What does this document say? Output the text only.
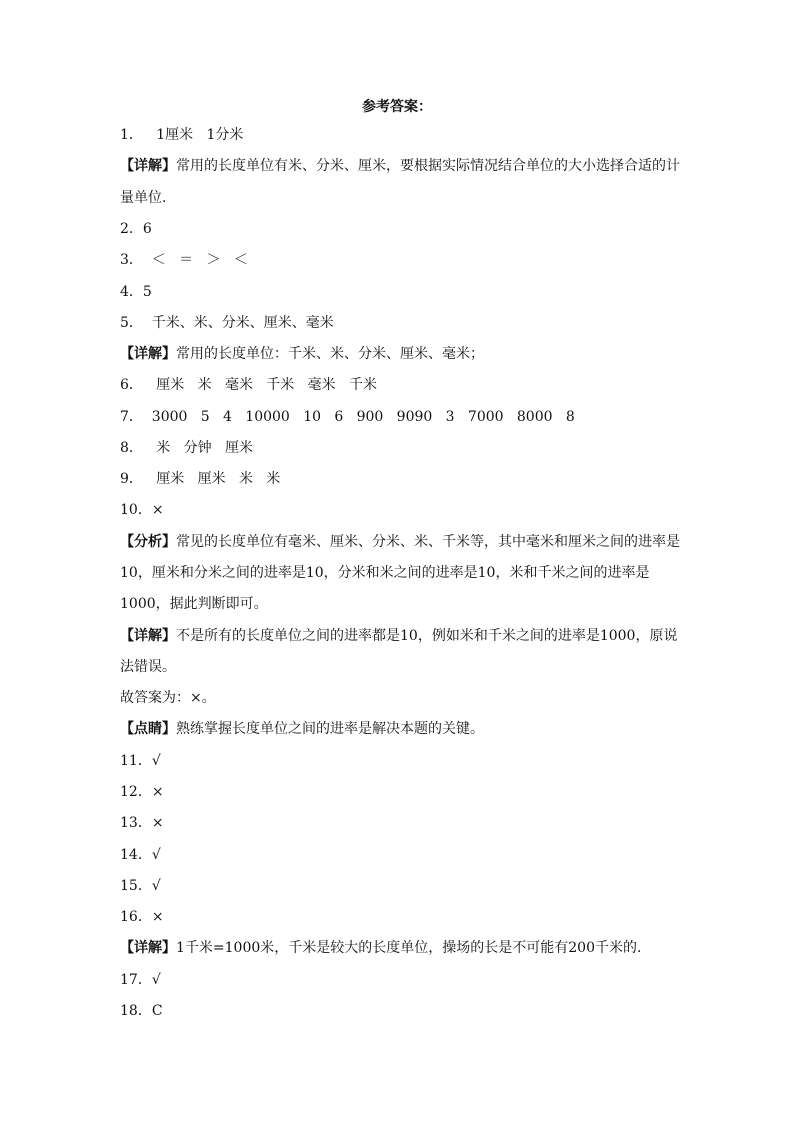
参考答案：
1．   1厘米   1分米
【详解】常用的长度单位有米、分米、厘米，要根据实际情况结合单位的大小选择合适的计
量单位.
2．6
3．  ＜   ＝   ＞   ＜
4．5
5．  千米、米、分米、厘米、毫米
【详解】常用的长度单位：千米、米、分米、厘米、毫米；
6．   厘米   米   毫米   千米   毫米   千米
7．  3000   5   4   10000   10   6   900   9090   3   7000   8000   8
8．   米   分钟   厘米
9．   厘米   厘米   米   米
10．×
【分析】常见的长度单位有毫米、厘米、分米、米、千米等，其中毫米和厘米之间的进率是
10，厘米和分米之间的进率是10，分米和米之间的进率是10，米和千米之间的进率是
1000，据此判断即可。
【详解】不是所有的长度单位之间的进率都是10，例如米和千米之间的进率是1000，原说
法错误。
故答案为：×。
【点睛】熟练掌握长度单位之间的进率是解决本题的关键。
11．√
12．×
13．×
14．√
15．√
16．×
【详解】1千米=1000米，千米是较大的长度单位，操场的长是不可能有200千米的.
17．√
18．C
